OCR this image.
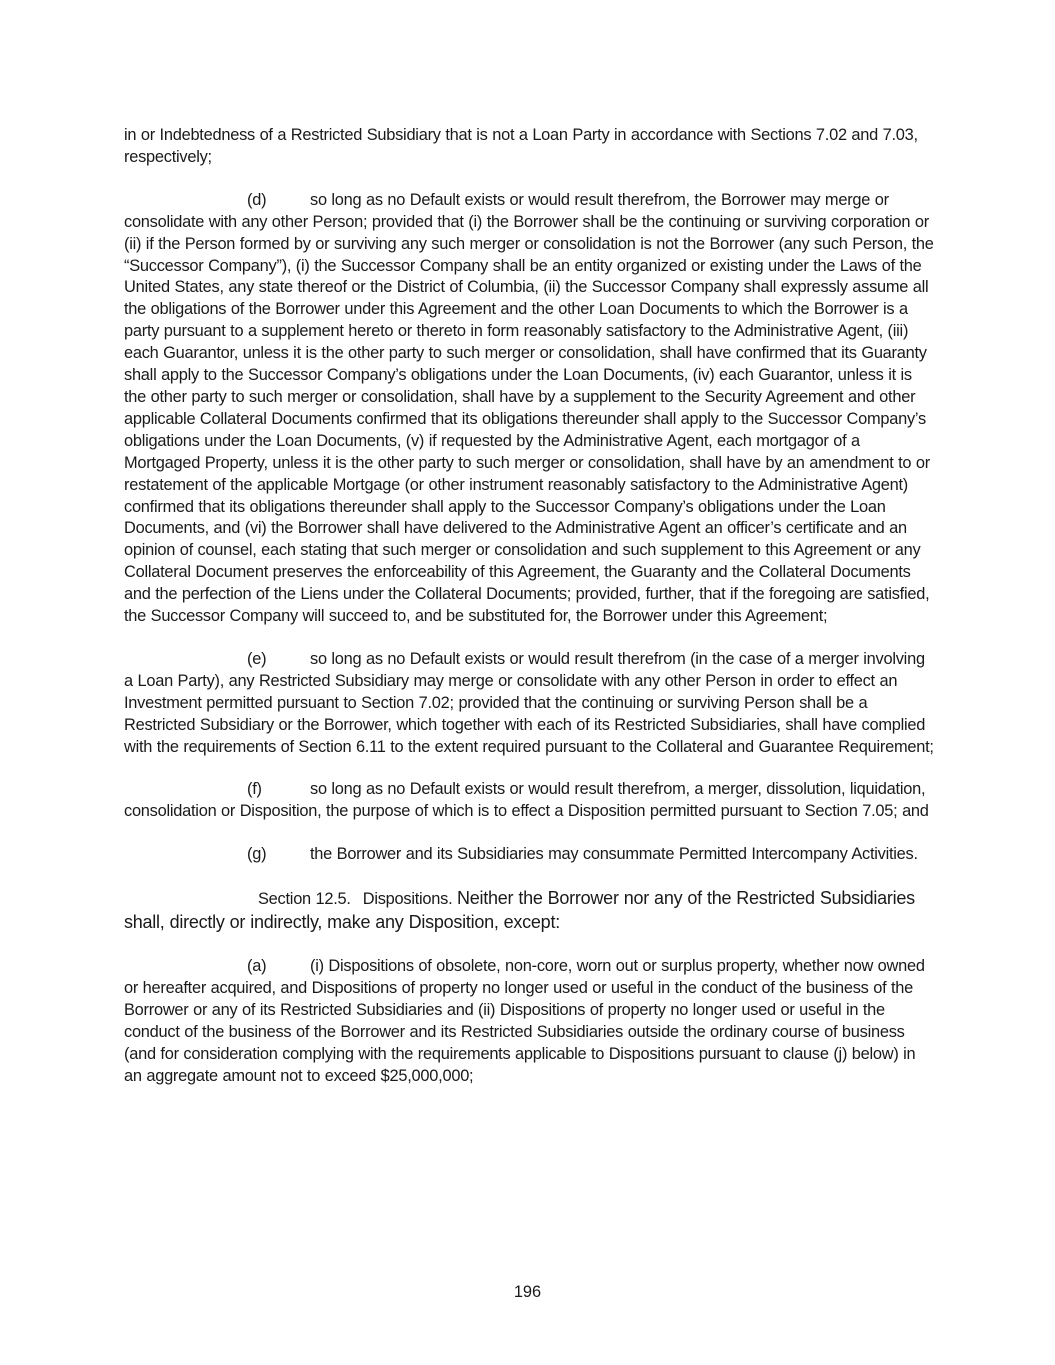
in or Indebtedness of a Restricted Subsidiary that is not a Loan Party in accordance with Sections 7.02 and 7.03, respectively;

(d)	so long as no Default exists or would result therefrom, the Borrower may merge or consolidate with any other Person; provided that (i) the Borrower shall be the continuing or surviving corporation or (ii) if the Person formed by or surviving any such merger or consolidation is not the Borrower (any such Person, the “Successor Company”), (i) the Successor Company shall be an entity organized or existing under the Laws of the United States, any state thereof or the District of Columbia, (ii) the Successor Company shall expressly assume all the obligations of the Borrower under this Agreement and the other Loan Documents to which the Borrower is a party pursuant to a supplement hereto or thereto in form reasonably satisfactory to the Administrative Agent, (iii) each Guarantor, unless it is the other party to such merger or consolidation, shall have confirmed that its Guaranty shall apply to the Successor Company’s obligations under the Loan Documents, (iv) each Guarantor, unless it is the other party to such merger or consolidation, shall have by a supplement to the Security Agreement and other applicable Collateral Documents confirmed that its obligations thereunder shall apply to the Successor Company’s obligations under the Loan Documents, (v) if requested by the Administrative Agent, each mortgagor of a Mortgaged Property, unless it is the other party to such merger or consolidation, shall have by an amendment to or restatement of the applicable Mortgage (or other instrument reasonably satisfactory to the Administrative Agent) confirmed that its obligations thereunder shall apply to the Successor Company’s obligations under the Loan Documents, and (vi) the Borrower shall have delivered to the Administrative Agent an officer’s certificate and an opinion of counsel, each stating that such merger or consolidation and such supplement to this Agreement or any Collateral Document preserves the enforceability of this Agreement, the Guaranty and the Collateral Documents and the perfection of the Liens under the Collateral Documents; provided, further, that if the foregoing are satisfied, the Successor Company will succeed to, and be substituted for, the Borrower under this Agreement;

(e)	so long as no Default exists or would result therefrom (in the case of a merger involving a Loan Party), any Restricted Subsidiary may merge or consolidate with any other Person in order to effect an Investment permitted pursuant to Section 7.02; provided that the continuing or surviving Person shall be a Restricted Subsidiary or the Borrower, which together with each of its Restricted Subsidiaries, shall have complied with the requirements of Section 6.11 to the extent required pursuant to the Collateral and Guarantee Requirement;

(f)	so long as no Default exists or would result therefrom, a merger, dissolution, liquidation, consolidation or Disposition, the purpose of which is to effect a Disposition permitted pursuant to Section 7.05; and

(g)	the Borrower and its Subsidiaries may consummate Permitted Intercompany Activities.

Section 12.5. Dispositions. Neither the Borrower nor any of the Restricted Subsidiaries shall, directly or indirectly, make any Disposition, except:

(a)	(i) Dispositions of obsolete, non-core, worn out or surplus property, whether now owned or hereafter acquired, and Dispositions of property no longer used or useful in the conduct of the business of the Borrower or any of its Restricted Subsidiaries and (ii) Dispositions of property no longer used or useful in the conduct of the business of the Borrower and its Restricted Subsidiaries outside the ordinary course of business (and for consideration complying with the requirements applicable to Dispositions pursuant to clause (j) below) in an aggregate amount not to exceed $25,000,000;

196
